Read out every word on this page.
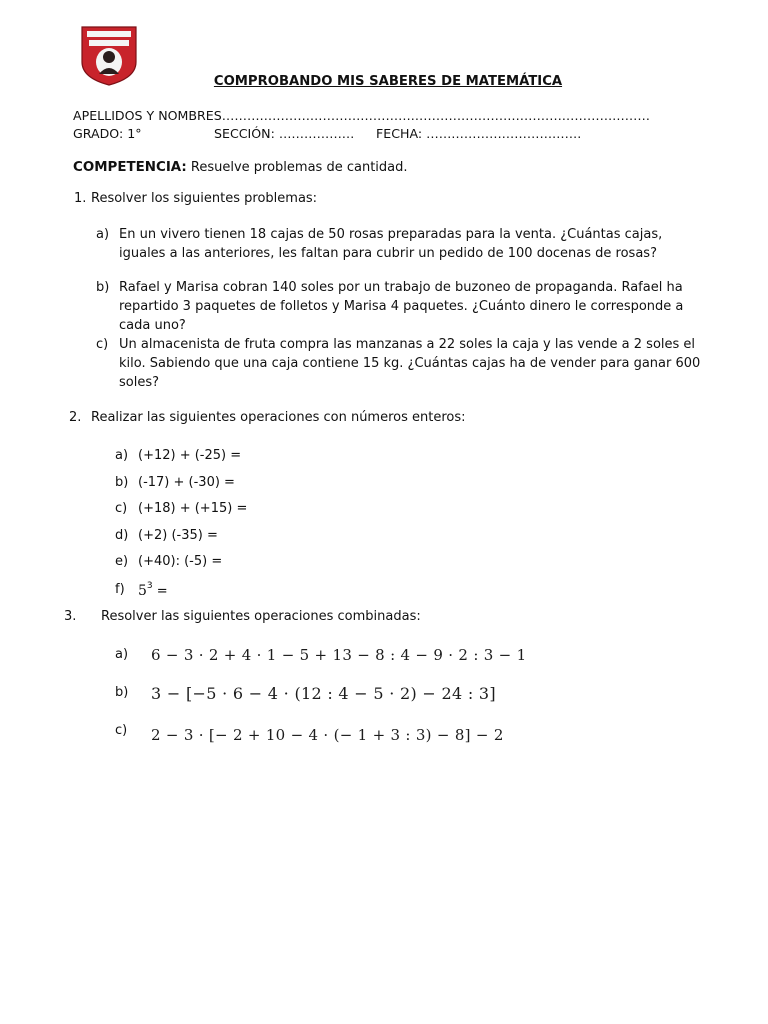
COMPROBANDO MIS SABERES DE MATEMÁTICA
APELLIDOS Y NOMBRES…………………………………………………………………………………………
GRADO: 1°	SECCIÓN: ……………… FECHA: ……………………………….
COMPETENCIA: Resuelve problemas de cantidad.
1. Resolver los siguientes problemas:
a) En un vivero tienen 18 cajas de 50 rosas preparadas para la venta. ¿Cuántas cajas, iguales a las anteriores, les faltan para cubrir un pedido de 100 docenas de rosas?
b) Rafael y Marisa cobran 140 soles por un trabajo de buzoneo de propaganda. Rafael ha repartido 3 paquetes de folletos y Marisa 4 paquetes. ¿Cuánto dinero le corresponde a cada uno?
c) Un almacenista de fruta compra las manzanas a 22 soles la caja y las vende a 2 soles el kilo. Sabiendo que una caja contiene 15 kg. ¿Cuántas cajas ha de vender para ganar 600 soles?
2. Realizar las siguientes operaciones con números enteros:
a) (+12) + (-25) =
b) (-17) + (-30) =
c) (+18) + (+15) =
d) (+2) (-35) =
e) (+40): (-5) =
f) $5^3$ =
3. Resolver las siguientes operaciones combinadas:
a) 6 − 3 · 2 + 4 · 1 − 5 + 13 − 8 : 4 − 9 · 2 : 3 − 1
b) 3 − [−5 · 6 − 4 · (12 : 4 − 5 · 2) − 24 : 3]
c) 2 − 3 · [− 2 + 10 − 4 · (− 1 + 3 : 3) − 8] − 2
